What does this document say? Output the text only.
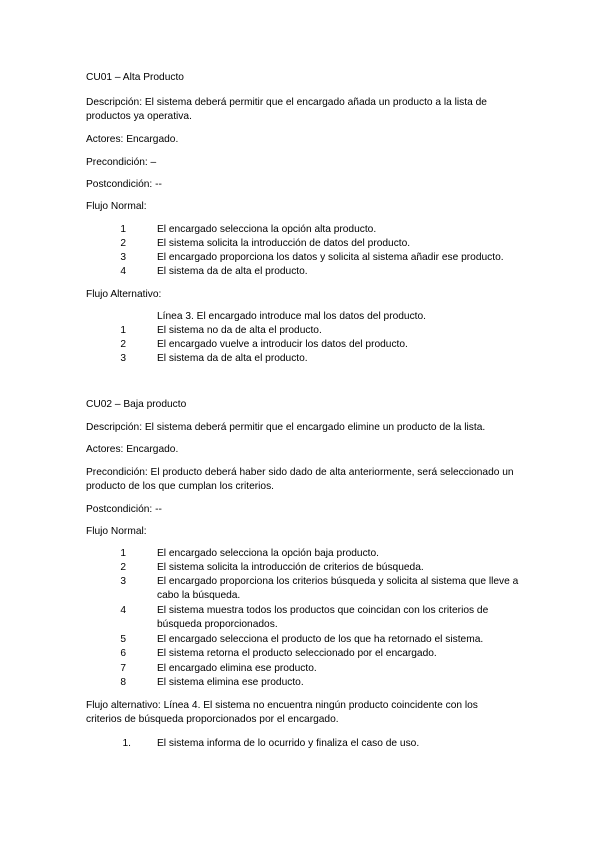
CU01 – Alta Producto
Descripción: El sistema deberá permitir que el encargado añada un producto a la lista de
productos ya operativa.
Actores: Encargado.
Precondición: –
Postcondición: --
Flujo Normal:
1	El encargado selecciona la opción alta producto.
2	El sistema solicita la introducción de datos del producto.
3	El encargado proporciona los datos y solicita al sistema añadir ese producto.
4	El sistema da de alta el producto.
Flujo Alternativo:
Línea 3. El encargado introduce mal los datos del producto.
1	El sistema no da de alta el producto.
2	El encargado vuelve a introducir los datos del producto.
3	El sistema da de alta el producto.
CU02 – Baja producto
Descripción: El sistema deberá permitir que el encargado elimine un producto de la lista.
Actores: Encargado.
Precondición: El producto deberá haber sido dado de alta anteriormente, será seleccionado un
producto de los que cumplan los criterios.
Postcondición: --
Flujo Normal:
1	El encargado selecciona la opción baja producto.
2	El sistema solicita la introducción de criterios de búsqueda.
3	El encargado proporciona los criterios búsqueda y solicita al sistema que lleve a
cabo la búsqueda.
4	El sistema muestra todos los productos que coincidan con los criterios de
búsqueda proporcionados.
5	El encargado selecciona el producto de los que ha retornado el sistema.
6	El sistema retorna el producto seleccionado por el encargado.
7	El encargado elimina ese producto.
8	El sistema elimina ese producto.
Flujo alternativo: Línea 4. El sistema no encuentra ningún producto coincidente con los
criterios de búsqueda proporcionados por el encargado.
1.	El sistema informa de lo ocurrido y finaliza el caso de uso.
